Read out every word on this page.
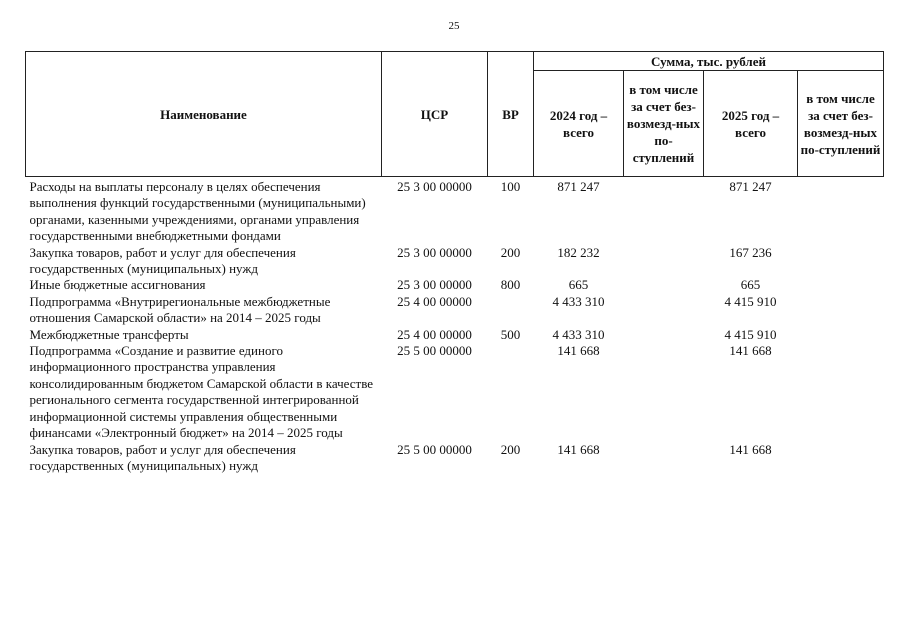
25
Наименование	ЦСР	ВР	Сумма, тыс. рублей			
			2024 год – всего	в том числе за счет без-возмезд-ных по-ступлений	2025 год – всего	в том числе за счет без-возмезд-ных по-ступлений
Расходы на выплаты персоналу в целях обеспечения выполнения функций государственными (муниципальными) органами, казенными учреждениями, органами управления государственными внебюджетными фондами	25 3 00 00000	100	871 247		871 247	
Закупка товаров, работ и услуг для обеспечения государственных (муниципальных) нужд	25 3 00 00000	200	182 232		167 236	
Иные бюджетные ассигнования	25 3 00 00000	800	665		665	
Подпрограмма «Внутрирегиональные межбюджетные отношения Самарской области» на 2014 – 2025 годы	25 4 00 00000		4 433 310		4 415 910	
Межбюджетные трансферты	25 4 00 00000	500	4 433 310		4 415 910	
Подпрограмма «Создание и развитие единого информационного пространства управления консолидированным бюджетом Самарской области в качестве регионального сегмента государственной интегрированной информационной системы управления общественными финансами «Электронный бюджет» на 2014 – 2025 годы	25 5 00 00000		141 668		141 668	
Закупка товаров, работ и услуг для обеспечения государственных (муниципальных) нужд	25 5 00 00000	200	141 668		141 668	
